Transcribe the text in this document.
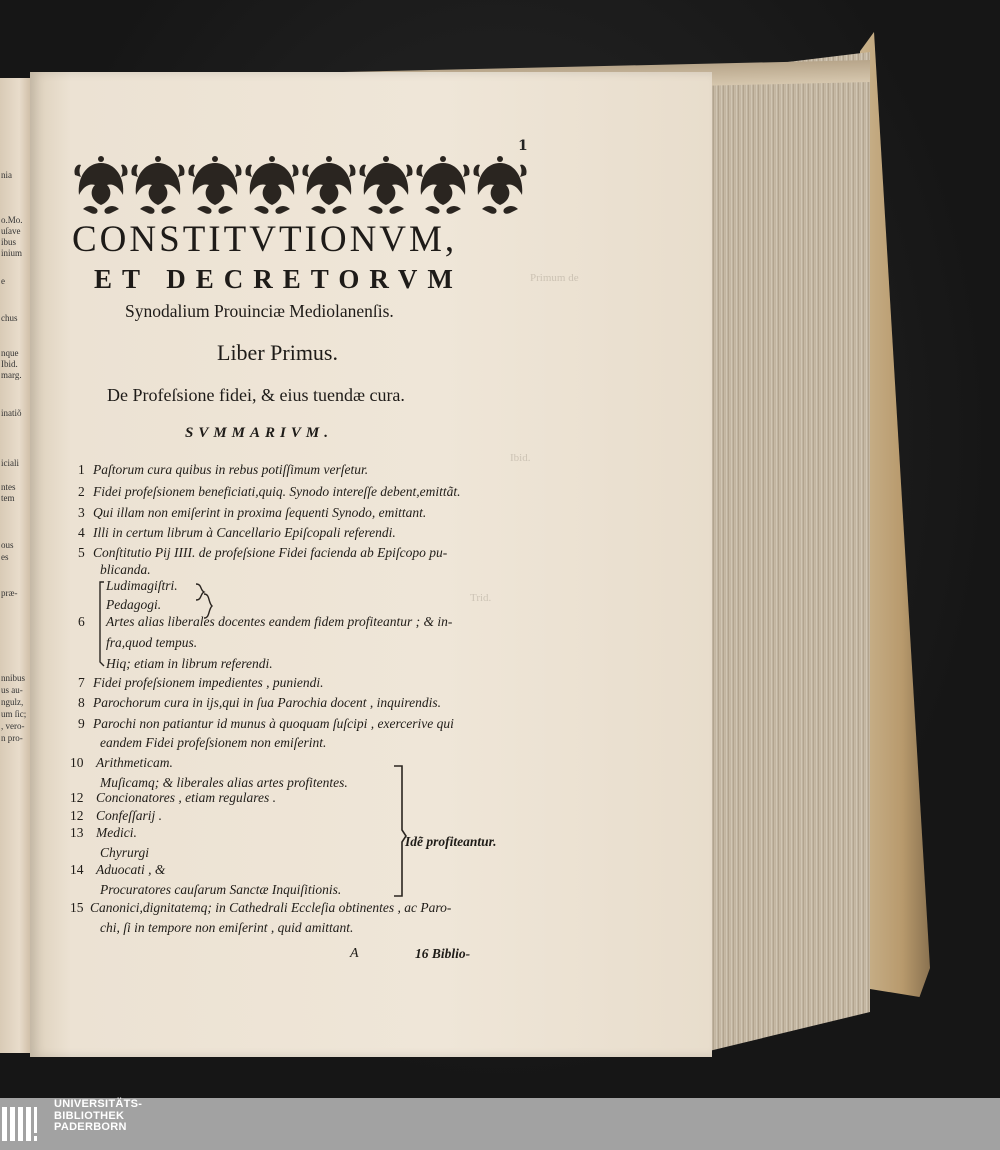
nia
o.Mo.
uſave
ibus
inium
e
chus
nque
Ibid.
marg.
inatiõ
iciali
ntes
tem
ous
es
præ-
nnibus
us au-
ngulz,
um ſic;
, vero-
n pro-
Primum de
Ibid.
Trid.
1
CONSTITVTIONVM,
ET DECRETORVM
Synodalium Prouinciæ Mediolanenſis.
Liber Primus.
De Profeſsione fidei, & eius tuendæ cura.
SVMMARIVM.
1 Paſtorum cura quibus in rebus potiſſimum verſetur.
2 Fidei profeſsionem beneficiati,quiq. Synodo intereſſe debent,emittãt.
3 Qui illam non emiſerint in proxima ſequenti Synodo, emittant.
4 Illi in certum librum à Cancellario Epiſcopali referendi.
5 Conſtitutio Pij IIII. de profeſsione Fidei facienda ab Epiſcopo pu-
blicanda.
Ludimagiſtri.
Pedagogi.
6 Artes alias liberales docentes eandem fidem profiteantur ; & in-
fra,quod tempus.
Hiq; etiam in librum referendi.
7 Fidei profeſsionem impedientes , puniendi.
8 Parochorum cura in ijs,qui in ſua Parochia docent , inquirendis.
9 Parochi non patiantur id munus à quoquam ſuſcipi , exercerive qui
eandem Fidei profeſsionem non emiſerint.
10 Arithmeticam.
Muſicamq; & liberales alias artes profitentes.
12 Concionatores , etiam regulares .
12 Confeſſarij .
13 Medici.
Chyrurgi
14 Aduocati , &
Procuratores cauſarum Sanctæ Inquiſitionis.
Idẽ profiteantur.
15 Canonici,dignitatemq; in Cathedrali Eccleſia obtinentes , ac Paro-
chi, ſi in tempore non emiſerint , quid amittant.
A	16 Biblio-
UNIVERSITÄTS-
BIBLIOTHEK
PADERBORN
